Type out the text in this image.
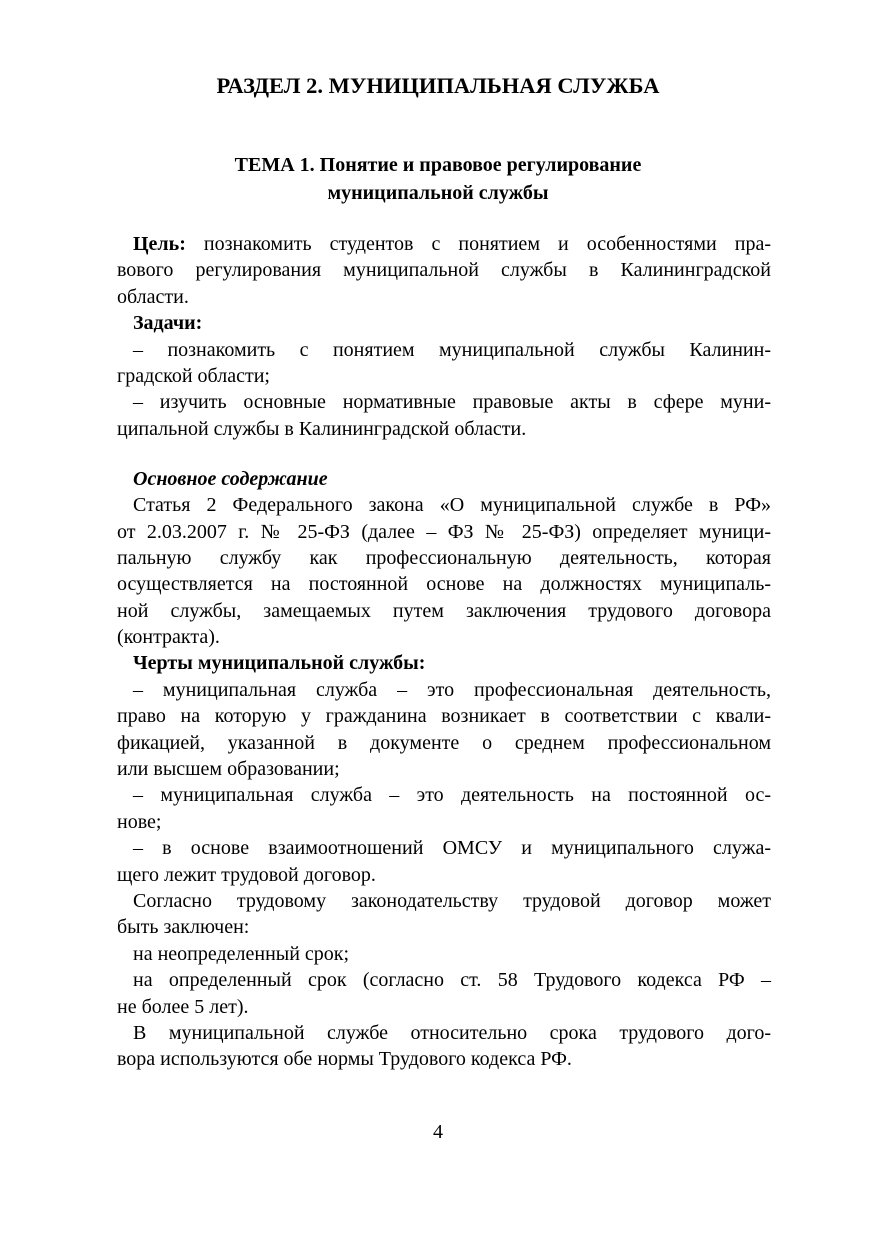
РАЗДЕЛ 2. МУНИЦИПАЛЬНАЯ СЛУЖБА
ТЕМА 1. Понятие и правовое регулирование
муниципальной службы
Цель: познакомить студентов с понятием и особенностями пра-
вового регулирования муниципальной службы в Калининградской
области.
Задачи:
– познакомить с понятием муниципальной службы Калинин-
градской области;
– изучить основные нормативные правовые акты в сфере муни-
ципальной службы в Калининградской области.
Основное содержание
Статья 2 Федерального закона «О муниципальной службе в РФ»
от 2.03.2007 г. № 25-ФЗ (далее – ФЗ № 25-ФЗ) определяет муници-
пальную службу как профессиональную деятельность, которая
осуществляется на постоянной основе на должностях муниципаль-
ной службы, замещаемых путем заключения трудового договора
(контракта).
Черты муниципальной службы:
– муниципальная служба – это профессиональная деятельность,
право на которую у гражданина возникает в соответствии с квали-
фикацией, указанной в документе о среднем профессиональном
или высшем образовании;
– муниципальная служба – это деятельность на постоянной ос-
нове;
– в основе взаимоотношений ОМСУ и муниципального служа-
щего лежит трудовой договор.
Согласно трудовому законодательству трудовой договор может
быть заключен:
на неопределенный срок;
на определенный срок (согласно ст. 58 Трудового кодекса РФ –
не более 5 лет).
В муниципальной службе относительно срока трудового дого-
вора используются обе нормы Трудового кодекса РФ.
4
